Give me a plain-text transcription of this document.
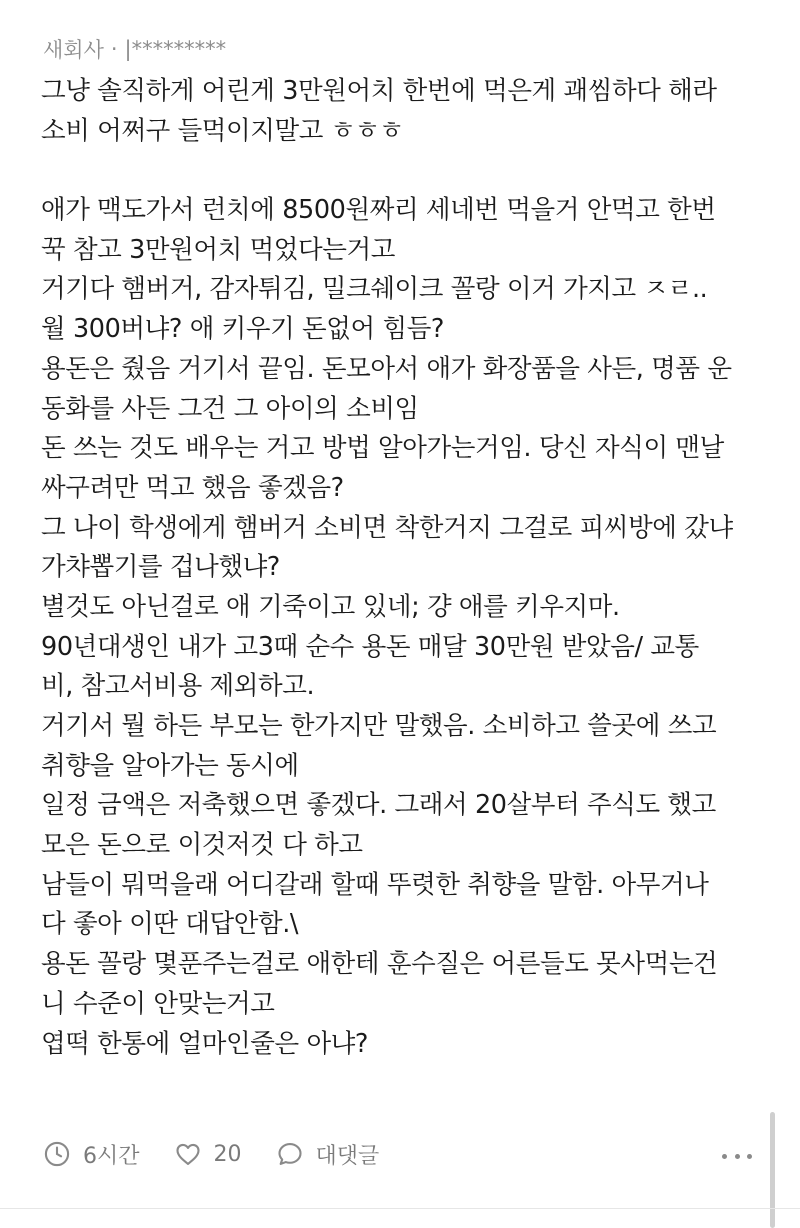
새회사 · |*********
그냥 솔직하게 어린게 3만원어치 한번에 먹은게 괘씸하다 해라
소비 어쩌구 들먹이지말고 ㅎㅎㅎ
애가 맥도가서 런치에 8500원짜리 세네번 먹을거 안먹고 한번
꾹 참고 3만원어치 먹었다는거고
거기다 햄버거, 감자튀김, 밀크쉐이크 꼴랑 이거 가지고 ㅈㄹ..
월 300버냐? 애 키우기 돈없어 힘듬?
용돈은 줬음 거기서 끝임. 돈모아서 애가 화장품을 사든, 명품 운
동화를 사든 그건 그 아이의 소비임
돈 쓰는 것도 배우는 거고 방법 알아가는거임. 당신 자식이 맨날
싸구려만 먹고 했음 좋겠음?
그 나이 학생에게 햄버거 소비면 착한거지 그걸로 피씨방에 갔냐
가챠뽑기를 겁나했냐?
별것도 아닌걸로 애 기죽이고 있네; 걍 애를 키우지마.
90년대생인 내가 고3때 순수 용돈 매달 30만원 받았음/ 교통
비, 참고서비용 제외하고.
거기서 뭘 하든 부모는 한가지만 말했음. 소비하고 쓸곳에 쓰고
취향을 알아가는 동시에
일정 금액은 저축했으면 좋겠다. 그래서 20살부터 주식도 했고
모은 돈으로 이것저것 다 하고
남들이 뭐먹을래 어디갈래 할때 뚜렷한 취향을 말함. 아무거나
다 좋아 이딴 대답안함.\
용돈 꼴랑 몇푼주는걸로 애한테 훈수질은 어른들도 못사먹는건
니 수준이 안맞는거고
엽떡 한통에 얼마인줄은 아냐?
6시간	20	대댓글
